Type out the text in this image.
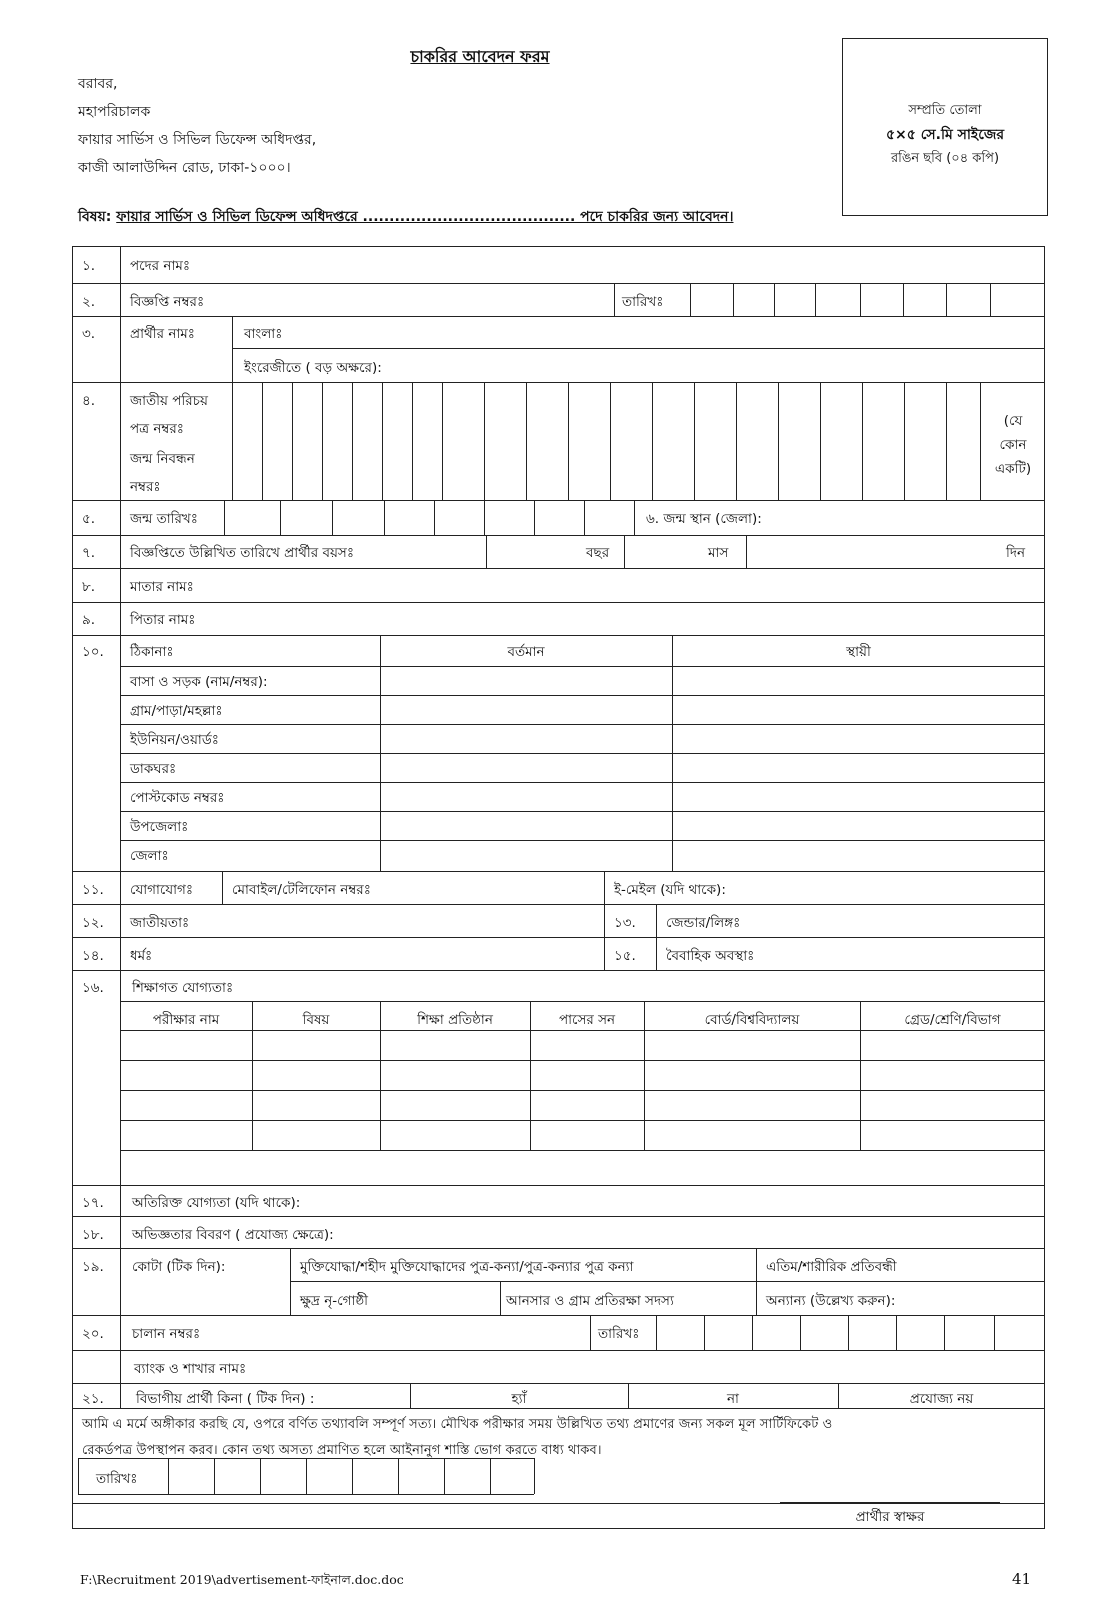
চাকরির আবেদন ফরম
বরাবর,
মহাপরিচালক
ফায়ার সার্ভিস ও সিভিল ডিফেন্স অধিদপ্তর,
কাজী আলাউদ্দিন রোড, ঢাকা-১০০০।
সম্প্রতি তোলা
৫×৫ সে.মি সাইজের
রঙিন ছবি (০৪ কপি)
বিষয়: ফায়ার সার্ভিস ও সিভিল ডিফেন্স অধিদপ্তরে ........................................ পদে চাকরির জন্য আবেদন।
১.	পদের নামঃ
২.	বিজ্ঞপ্তি নম্বরঃ	তারিখঃ
৩.	প্রার্থীর নামঃ	বাংলাঃ
ইংরেজীতে ( বড় অক্ষরে):
৪.	জাতীয় পরিচয়
পত্র নম্বরঃ
জন্ম নিবন্ধন
নম্বরঃ
(যে
কোন
একটি)
৫.	জন্ম তারিখঃ	৬. জন্ম স্থান (জেলা):
৭.	বিজ্ঞপ্তিতে উল্লিখিত তারিখে প্রার্থীর বয়সঃ	বছর	মাস	দিন
৮.	মাতার নামঃ
৯.	পিতার নামঃ
১০. ঠিকানাঃ	বর্তমান	স্থায়ী
বাসা ও সড়ক (নাম/নম্বর):
গ্রাম/পাড়া/মহল্লাঃ
ইউনিয়ন/ওয়ার্ডঃ
ডাকঘরঃ
পোস্টকোড নম্বরঃ
উপজেলাঃ
জেলাঃ
১১. যোগাযোগঃ	মোবাইল/টেলিফোন নম্বরঃ	ই-মেইল (যদি থাকে):
১২. জাতীয়তাঃ	১৩. জেন্ডার/লিঙ্গঃ
১৪. ধর্মঃ	১৫. বৈবাহিক অবস্থাঃ
১৬. শিক্ষাগত যোগ্যতাঃ
পরীক্ষার নাম	বিষয়	শিক্ষা প্রতিষ্ঠান	পাসের সন	বোর্ড/বিশ্ববিদ্যালয়	গ্রেড/শ্রেণি/বিভাগ
১৭. অতিরিক্ত যোগ্যতা (যদি থাকে):
১৮. অভিজ্ঞতার বিবরণ ( প্রযোজ্য ক্ষেত্রে):
১৯. কোটা (টিক দিন):	মুক্তিযোদ্ধা/শহীদ মুক্তিযোদ্ধাদের পুত্র-কন্যা/পুত্র-কন্যার পুত্র কন্যা	এতিম/শারীরিক প্রতিবন্ধী
ক্ষুদ্র নৃ-গোষ্ঠী	আনসার ও গ্রাম প্রতিরক্ষা সদস্য	অন্যান্য (উল্লেখ্য করুন):
২০. চালান নম্বরঃ	তারিখঃ
ব্যাংক ও শাখার নামঃ
২১. বিভাগীয় প্রার্থী কিনা ( টিক দিন) :	হ্যাঁ	না	প্রযোজ্য নয়
আমি এ মর্মে অঙ্গীকার করছি যে, ওপরে বর্ণিত তথ্যাবলি সম্পূর্ণ সত্য। মৌখিক পরীক্ষার সময় উল্লিখিত তথ্য প্রমাণের জন্য সকল মূল সার্টিফিকেট ও
রেকর্ডপত্র উপস্থাপন করব। কোন তথ্য অসত্য প্রমাণিত হলে আইনানুগ শাস্তি ভোগ করতে বাধ্য থাকব।
তারিখঃ
প্রার্থীর স্বাক্ষর
F:\Recruitment 2019\advertisement-ফাইনাল.doc.doc	41
